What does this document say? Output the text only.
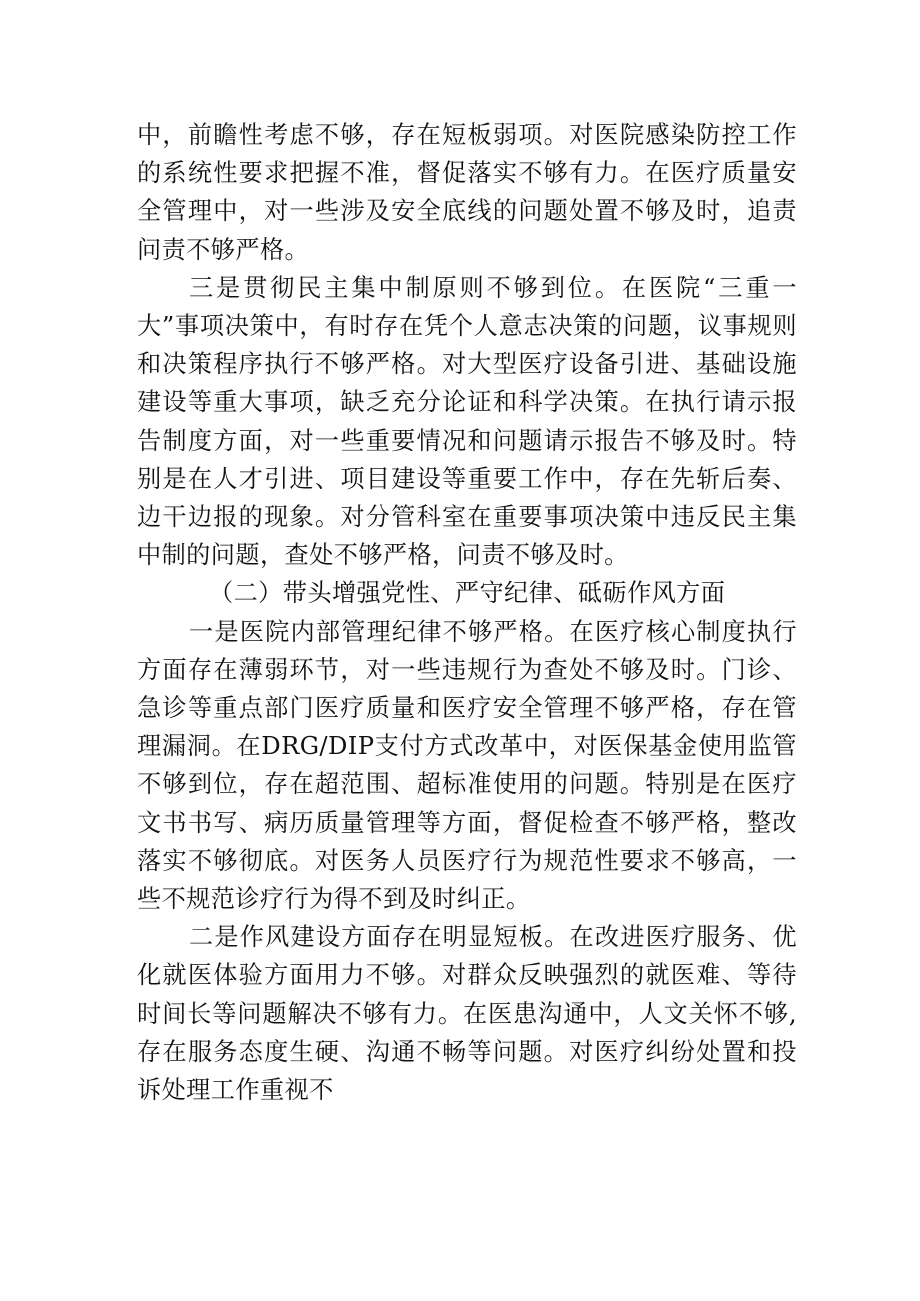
中，前瞻性考虑不够，存在短板弱项。对医院感染防控工作的系统性要求把握不准，督促落实不够有力。在医疗质量安全管理中，对一些涉及安全底线的问题处置不够及时，追责问责不够严格。

三是贯彻民主集中制原则不够到位。在医院“三重一大”事项决策中，有时存在凭个人意志决策的问题，议事规则和决策程序执行不够严格。对大型医疗设备引进、基础设施建设等重大事项，缺乏充分论证和科学决策。在执行请示报告制度方面，对一些重要情况和问题请示报告不够及时。特别是在人才引进、项目建设等重要工作中，存在先斩后奏、边干边报的现象。对分管科室在重要事项决策中违反民主集中制的问题，查处不够严格，问责不够及时。

（二）带头增强党性、严守纪律、砥砺作风方面

一是医院内部管理纪律不够严格。在医疗核心制度执行方面存在薄弱环节，对一些违规行为查处不够及时。门诊、急诊等重点部门医疗质量和医疗安全管理不够严格，存在管理漏洞。在DRG/DIP支付方式改革中，对医保基金使用监管不够到位，存在超范围、超标准使用的问题。特别是在医疗文书书写、病历质量管理等方面，督促检查不够严格，整改落实不够彻底。对医务人员医疗行为规范性要求不够高，一些不规范诊疗行为得不到及时纠正。

二是作风建设方面存在明显短板。在改进医疗服务、优化就医体验方面用力不够。对群众反映强烈的就医难、等待时间长等问题解决不够有力。在医患沟通中，人文关怀不够,存在服务态度生硬、沟通不畅等问题。对医疗纠纷处置和投诉处理工作重视不
